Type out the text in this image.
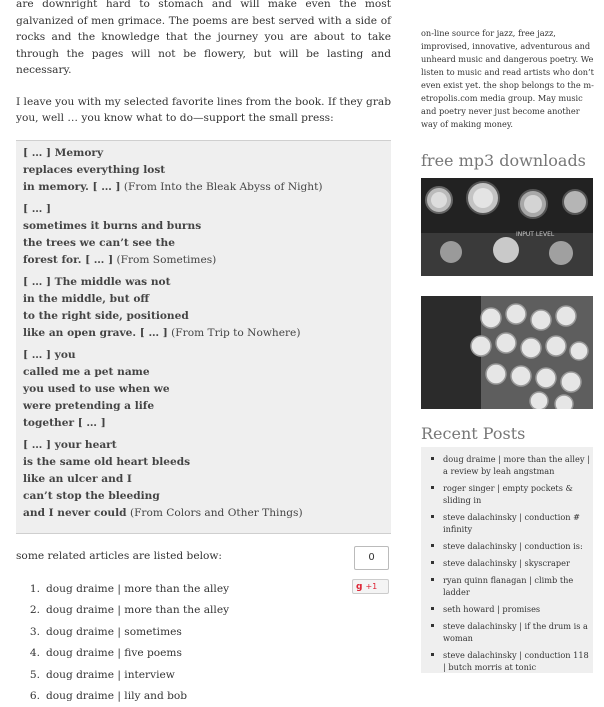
are downright hard to stomach and will make even the most galvanized of men grimace. The poems are best served with a side of rocks and the knowledge that the journey you are about to take through the pages will not be flowery, but will be lasting and necessary.

I leave you with my selected favorite lines from the book. If they grab you, well … you know what to do—support the small press:

[ … ] Memory
replaces everything lost
in memory. [ … ] (From Into the Bleak Abyss of Night)
[ … ]
sometimes it burns and burns
the trees we can’t see the
forest for. [ … ] (From Sometimes)
[ … ] The middle was not
in the middle, but off
to the right side, positioned
like an open grave. [ … ] (From Trip to Nowhere)
[ … ] you
called me a pet name
you used to use when we
were pretending a life
together [ … ]
[ … ] your heart
is the same old heart bleeds
like an ulcer and I
can’t stop the bleeding
and I never could (From Colors and Other Things)

some related articles are listed below:	0
g +1
1. doug draime | more than the alley
2. doug draime | more than the alley
3. doug draime | sometimes
4. doug draime | five poems
5. doug draime | interview
6. doug draime | lily and bob
on-line source for jazz, free jazz, improvised, innovative, adventurous and unheard music and dangerous poetry. We listen to music and read artists who don’t even exist yet. the shop belongs to the m-etropolis.com media group. May music and poetry never just become another way of making money.
free mp3 downloads
INPUT LEVEL
Recent Posts
doug draime | more than the alley | a review by leah angstman
roger singer | empty pockets & sliding in
steve dalachinsky | conduction # infinity
steve dalachinsky | conduction is:
steve dalachinsky | skyscraper
ryan quinn flanagan | climb the ladder
seth howard | promises
steve dalachinsky | if the drum is a woman
steve dalachinsky | conduction 118 | butch morris at tonic
